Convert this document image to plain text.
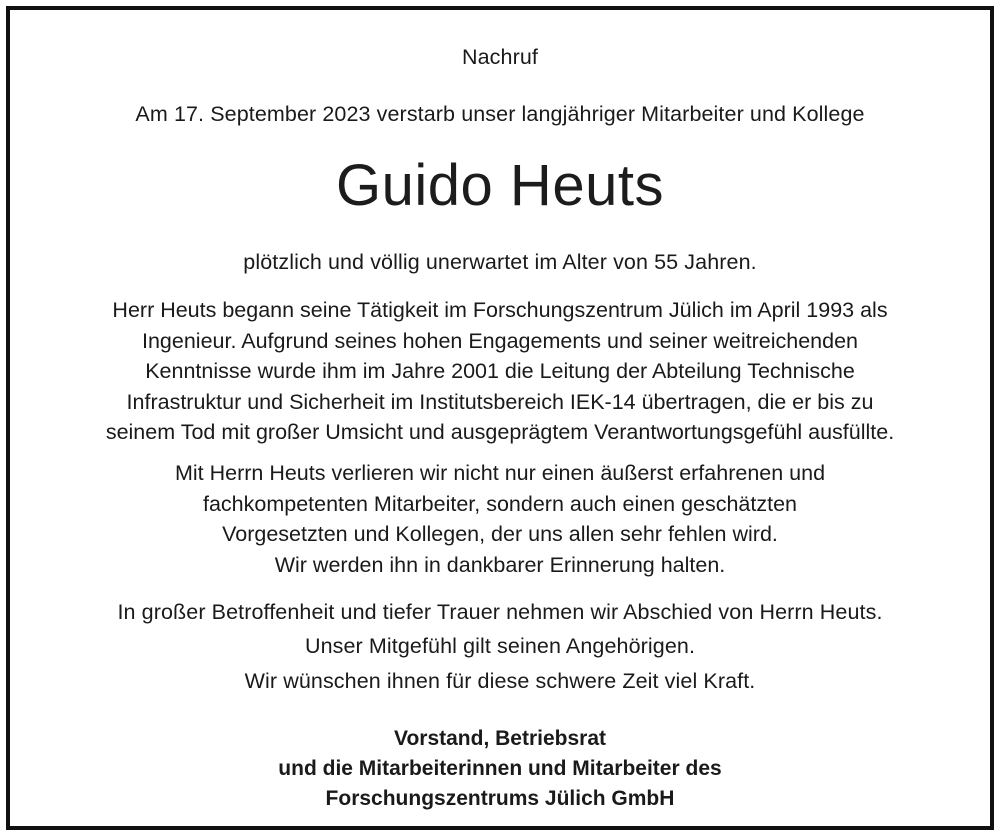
Nachruf
Am 17. September 2023 verstarb unser langjähriger Mitarbeiter und Kollege
Guido Heuts
plötzlich und völlig unerwartet im Alter von 55 Jahren.
Herr Heuts begann seine Tätigkeit im Forschungszentrum Jülich im April 1993 als
Ingenieur. Aufgrund seines hohen Engagements und seiner weitreichenden
Kenntnisse wurde ihm im Jahre 2001 die Leitung der Abteilung Technische
Infrastruktur und Sicherheit im Institutsbereich IEK-14 übertragen, die er bis zu
seinem Tod mit großer Umsicht und ausgeprägtem Verantwortungsgefühl ausfüllte.
Mit Herrn Heuts verlieren wir nicht nur einen äußerst erfahrenen und
fachkompetenten Mitarbeiter, sondern auch einen geschätzten
Vorgesetzten und Kollegen, der uns allen sehr fehlen wird.
Wir werden ihn in dankbarer Erinnerung halten.
In großer Betroffenheit und tiefer Trauer nehmen wir Abschied von Herrn Heuts.
Unser Mitgefühl gilt seinen Angehörigen.
Wir wünschen ihnen für diese schwere Zeit viel Kraft.
Vorstand, Betriebsrat
und die Mitarbeiterinnen und Mitarbeiter des
Forschungszentrums Jülich GmbH
